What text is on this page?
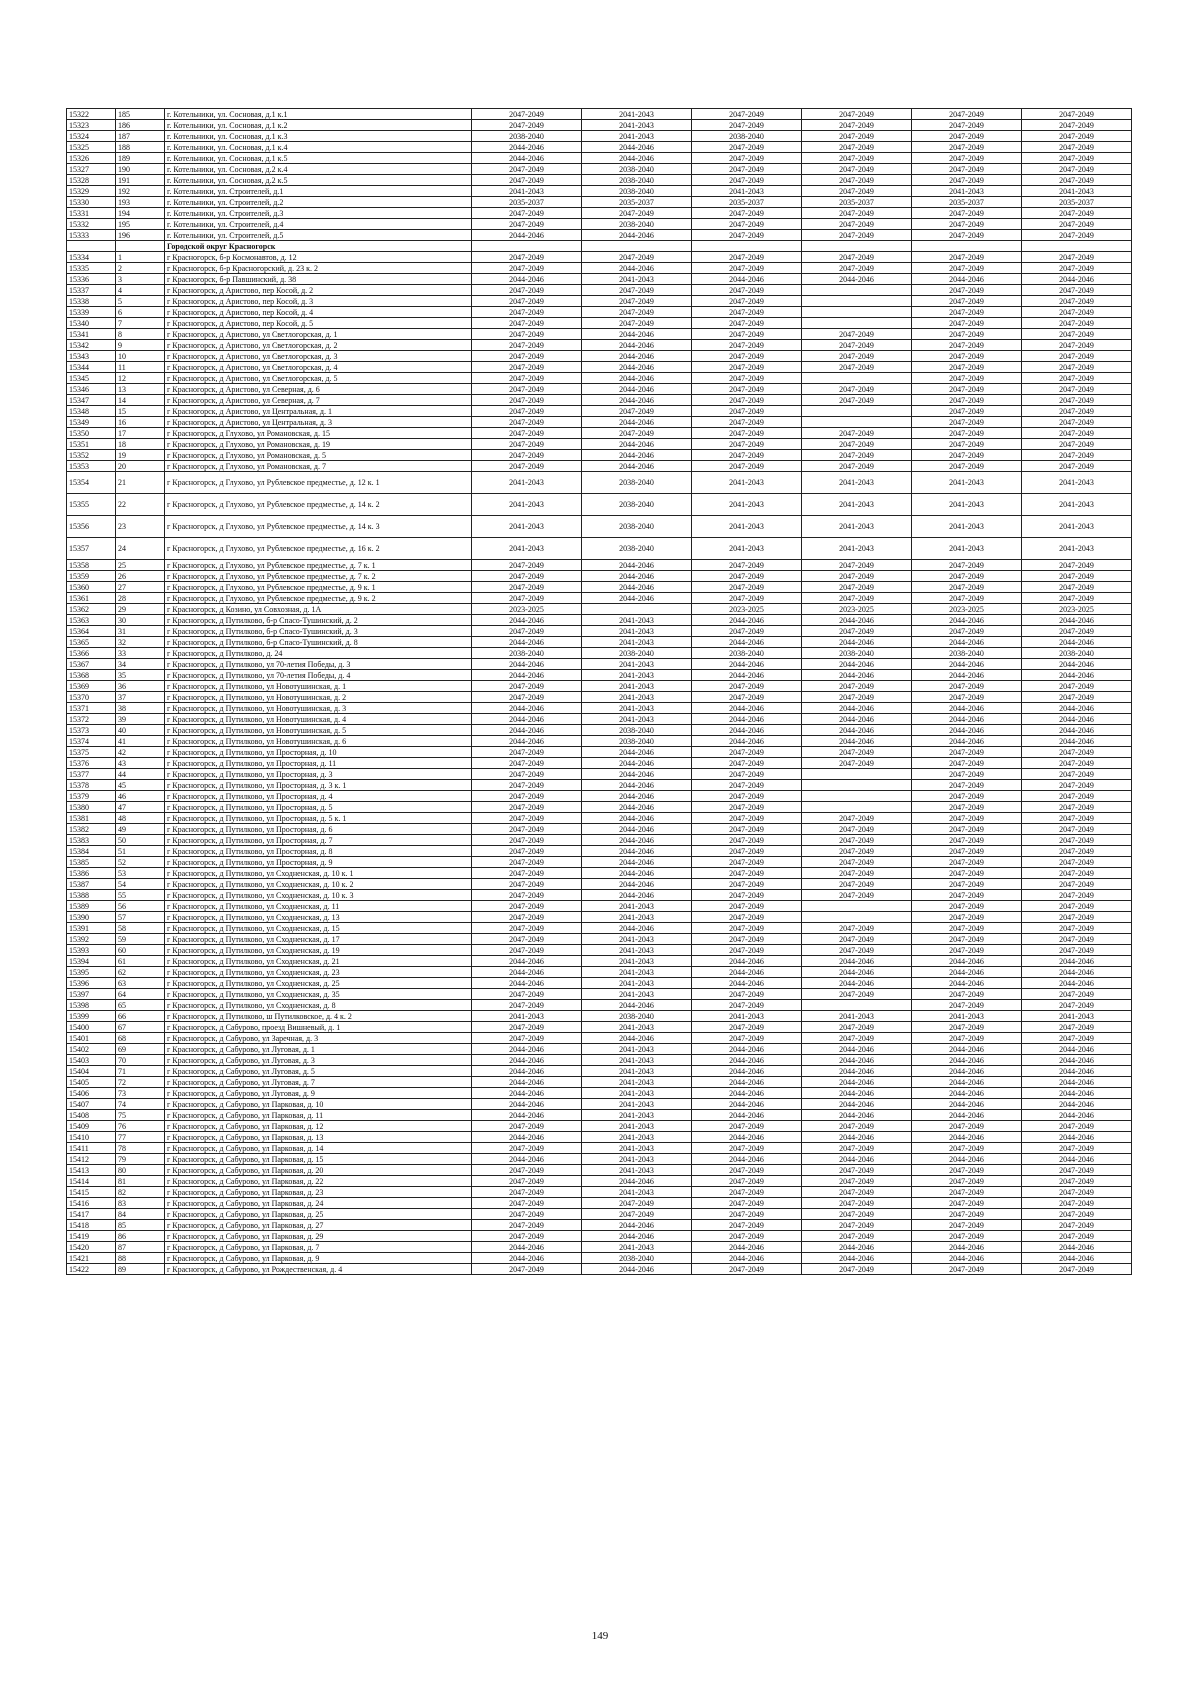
15322	185	г. Котельники, ул. Сосновая, д.1 к.1	2047-2049	2041-2043	2047-2049	2047-2049	2047-2049	2047-2049
15323	186	г. Котельники, ул. Сосновая, д.1 к.2	2047-2049	2041-2043	2047-2049	2047-2049	2047-2049	2047-2049
15324	187	г. Котельники, ул. Сосновая, д.1 к.3	2038-2040	2041-2043	2038-2040	2047-2049	2047-2049	2047-2049
15325	188	г. Котельники, ул. Сосновая, д.1 к.4	2044-2046	2044-2046	2047-2049	2047-2049	2047-2049	2047-2049
15326	189	г. Котельники, ул. Сосновая, д.1 к.5	2044-2046	2044-2046	2047-2049	2047-2049	2047-2049	2047-2049
15327	190	г. Котельники, ул. Сосновая, д.2 к.4	2047-2049	2038-2040	2047-2049	2047-2049	2047-2049	2047-2049
15328	191	г. Котельники, ул. Сосновая, д.2 к.5	2047-2049	2038-2040	2047-2049	2047-2049	2047-2049	2047-2049
15329	192	г. Котельники, ул. Строителей, д.1	2041-2043	2038-2040	2041-2043	2047-2049	2041-2043	2041-2043
15330	193	г. Котельники, ул. Строителей, д.2	2035-2037	2035-2037	2035-2037	2035-2037	2035-2037	2035-2037
15331	194	г. Котельники, ул. Строителей, д.3	2047-2049	2047-2049	2047-2049	2047-2049	2047-2049	2047-2049
15332	195	г. Котельники, ул. Строителей, д.4	2047-2049	2038-2040	2047-2049	2047-2049	2047-2049	2047-2049
15333	196	г. Котельники, ул. Строителей, д.5	2044-2046	2044-2046	2047-2049	2047-2049	2047-2049	2047-2049
		Городской округ Красногорск						
15334	1	г Красногорск, б-р Космонавтов, д. 12	2047-2049	2047-2049	2047-2049	2047-2049	2047-2049	2047-2049
15335	2	г Красногорск, б-р Красногорский, д. 23 к. 2	2047-2049	2044-2046	2047-2049	2047-2049	2047-2049	2047-2049
15336	3	г Красногорск, б-р Павшинский, д. 38	2044-2046	2041-2043	2044-2046	2044-2046	2044-2046	2044-2046
15337	4	г Красногорск, д Аристово, пер Косой, д. 2	2047-2049	2047-2049	2047-2049		2047-2049	2047-2049
15338	5	г Красногорск, д Аристово, пер Косой, д. 3	2047-2049	2047-2049	2047-2049		2047-2049	2047-2049
15339	6	г Красногорск, д Аристово, пер Косой, д. 4	2047-2049	2047-2049	2047-2049		2047-2049	2047-2049
15340	7	г Красногорск, д Аристово, пер Косой, д. 5	2047-2049	2047-2049	2047-2049		2047-2049	2047-2049
15341	8	г Красногорск, д Аристово, ул Светлогорская, д. 1	2047-2049	2044-2046	2047-2049	2047-2049	2047-2049	2047-2049
15342	9	г Красногорск, д Аристово, ул Светлогорская, д. 2	2047-2049	2044-2046	2047-2049	2047-2049	2047-2049	2047-2049
15343	10	г Красногорск, д Аристово, ул Светлогорская, д. 3	2047-2049	2044-2046	2047-2049	2047-2049	2047-2049	2047-2049
15344	11	г Красногорск, д Аристово, ул Светлогорская, д. 4	2047-2049	2044-2046	2047-2049	2047-2049	2047-2049	2047-2049
15345	12	г Красногорск, д Аристово, ул Светлогорская, д. 5	2047-2049	2044-2046	2047-2049		2047-2049	2047-2049
15346	13	г Красногорск, д Аристово, ул Северная, д. 6	2047-2049	2044-2046	2047-2049	2047-2049	2047-2049	2047-2049
15347	14	г Красногорск, д Аристово, ул Северная, д. 7	2047-2049	2044-2046	2047-2049	2047-2049	2047-2049	2047-2049
15348	15	г Красногорск, д Аристово, ул Центральная, д. 1	2047-2049	2047-2049	2047-2049		2047-2049	2047-2049
15349	16	г Красногорск, д Аристово, ул Центральная, д. 3	2047-2049	2044-2046	2047-2049		2047-2049	2047-2049
15350	17	г Красногорск, д Глухово, ул Романовская, д. 15	2047-2049	2047-2049	2047-2049	2047-2049	2047-2049	2047-2049
15351	18	г Красногорск, д Глухово, ул Романовская, д. 19	2047-2049	2044-2046	2047-2049	2047-2049	2047-2049	2047-2049
15352	19	г Красногорск, д Глухово, ул Романовская, д. 5	2047-2049	2044-2046	2047-2049	2047-2049	2047-2049	2047-2049
15353	20	г Красногорск, д Глухово, ул Романовская, д. 7	2047-2049	2044-2046	2047-2049	2047-2049	2047-2049	2047-2049
15354	21	г Красногорск, д Глухово, ул Рублевское предместье, д. 12 к. 1	2041-2043	2038-2040	2041-2043	2041-2043	2041-2043	2041-2043
15355	22	г Красногорск, д Глухово, ул Рублевское предместье, д. 14 к. 2	2041-2043	2038-2040	2041-2043	2041-2043	2041-2043	2041-2043
15356	23	г Красногорск, д Глухово, ул Рублевское предместье, д. 14 к. 3	2041-2043	2038-2040	2041-2043	2041-2043	2041-2043	2041-2043
15357	24	г Красногорск, д Глухово, ул Рублевское предместье, д. 16 к. 2	2041-2043	2038-2040	2041-2043	2041-2043	2041-2043	2041-2043
15358	25	г Красногорск, д Глухово, ул Рублевское предместье, д. 7 к. 1	2047-2049	2044-2046	2047-2049	2047-2049	2047-2049	2047-2049
15359	26	г Красногорск, д Глухово, ул Рублевское предместье, д. 7 к. 2	2047-2049	2044-2046	2047-2049	2047-2049	2047-2049	2047-2049
15360	27	г Красногорск, д Глухово, ул Рублевское предместье, д. 9 к. 1	2047-2049	2044-2046	2047-2049	2047-2049	2047-2049	2047-2049
15361	28	г Красногорск, д Глухово, ул Рублевское предместье, д. 9 к. 2	2047-2049	2044-2046	2047-2049	2047-2049	2047-2049	2047-2049
15362	29	г Красногорск, д Козино, ул Совхозная, д. 1А	2023-2025		2023-2025	2023-2025	2023-2025	2023-2025
15363	30	г Красногорск, д Путилково, б-р Спасо-Тушинский, д. 2	2044-2046	2041-2043	2044-2046	2044-2046	2044-2046	2044-2046
15364	31	г Красногорск, д Путилково, б-р Спасо-Тушинский, д. 3	2047-2049	2041-2043	2047-2049	2047-2049	2047-2049	2047-2049
15365	32	г Красногорск, д Путилково, б-р Спасо-Тушинский, д. 8	2044-2046	2041-2043	2044-2046	2044-2046	2044-2046	2044-2046
15366	33	г Красногорск, д Путилково, д. 24	2038-2040	2038-2040	2038-2040	2038-2040	2038-2040	2038-2040
15367	34	г Красногорск, д Путилково, ул 70-летия Победы, д. 3	2044-2046	2041-2043	2044-2046	2044-2046	2044-2046	2044-2046
15368	35	г Красногорск, д Путилково, ул 70-летия Победы, д. 4	2044-2046	2041-2043	2044-2046	2044-2046	2044-2046	2044-2046
15369	36	г Красногорск, д Путилково, ул Новотушинская, д. 1	2047-2049	2041-2043	2047-2049	2047-2049	2047-2049	2047-2049
15370	37	г Красногорск, д Путилково, ул Новотушинская, д. 2	2047-2049	2041-2043	2047-2049	2047-2049	2047-2049	2047-2049
15371	38	г Красногорск, д Путилково, ул Новотушинская, д. 3	2044-2046	2041-2043	2044-2046	2044-2046	2044-2046	2044-2046
15372	39	г Красногорск, д Путилково, ул Новотушинская, д. 4	2044-2046	2041-2043	2044-2046	2044-2046	2044-2046	2044-2046
15373	40	г Красногорск, д Путилково, ул Новотушинская, д. 5	2044-2046	2038-2040	2044-2046	2044-2046	2044-2046	2044-2046
15374	41	г Красногорск, д Путилково, ул Новотушинская, д. 6	2044-2046	2038-2040	2044-2046	2044-2046	2044-2046	2044-2046
15375	42	г Красногорск, д Путилково, ул Просторная, д. 10	2047-2049	2044-2046	2047-2049	2047-2049	2047-2049	2047-2049
15376	43	г Красногорск, д Путилково, ул Просторная, д. 11	2047-2049	2044-2046	2047-2049	2047-2049	2047-2049	2047-2049
15377	44	г Красногорск, д Путилково, ул Просторная, д. 3	2047-2049	2044-2046	2047-2049		2047-2049	2047-2049
15378	45	г Красногорск, д Путилково, ул Просторная, д. 3 к. 1	2047-2049	2044-2046	2047-2049		2047-2049	2047-2049
15379	46	г Красногорск, д Путилково, ул Просторная, д. 4	2047-2049	2044-2046	2047-2049		2047-2049	2047-2049
15380	47	г Красногорск, д Путилково, ул Просторная, д. 5	2047-2049	2044-2046	2047-2049		2047-2049	2047-2049
15381	48	г Красногорск, д Путилково, ул Просторная, д. 5 к. 1	2047-2049	2044-2046	2047-2049	2047-2049	2047-2049	2047-2049
15382	49	г Красногорск, д Путилково, ул Просторная, д. 6	2047-2049	2044-2046	2047-2049	2047-2049	2047-2049	2047-2049
15383	50	г Красногорск, д Путилково, ул Просторная, д. 7	2047-2049	2044-2046	2047-2049	2047-2049	2047-2049	2047-2049
15384	51	г Красногорск, д Путилково, ул Просторная, д. 8	2047-2049	2044-2046	2047-2049	2047-2049	2047-2049	2047-2049
15385	52	г Красногорск, д Путилково, ул Просторная, д. 9	2047-2049	2044-2046	2047-2049	2047-2049	2047-2049	2047-2049
15386	53	г Красногорск, д Путилково, ул Сходненская, д. 10 к. 1	2047-2049	2044-2046	2047-2049	2047-2049	2047-2049	2047-2049
15387	54	г Красногорск, д Путилково, ул Сходненская, д. 10 к. 2	2047-2049	2044-2046	2047-2049	2047-2049	2047-2049	2047-2049
15388	55	г Красногорск, д Путилково, ул Сходненская, д. 10 к. 3	2047-2049	2044-2046	2047-2049	2047-2049	2047-2049	2047-2049
15389	56	г Красногорск, д Путилково, ул Сходненская, д. 11	2047-2049	2041-2043	2047-2049		2047-2049	2047-2049
15390	57	г Красногорск, д Путилково, ул Сходненская, д. 13	2047-2049	2041-2043	2047-2049		2047-2049	2047-2049
15391	58	г Красногорск, д Путилково, ул Сходненская, д. 15	2047-2049	2044-2046	2047-2049	2047-2049	2047-2049	2047-2049
15392	59	г Красногорск, д Путилково, ул Сходненская, д. 17	2047-2049	2041-2043	2047-2049	2047-2049	2047-2049	2047-2049
15393	60	г Красногорск, д Путилково, ул Сходненская, д. 19	2047-2049	2041-2043	2047-2049	2047-2049	2047-2049	2047-2049
15394	61	г Красногорск, д Путилково, ул Сходненская, д. 21	2044-2046	2041-2043	2044-2046	2044-2046	2044-2046	2044-2046
15395	62	г Красногорск, д Путилково, ул Сходненская, д. 23	2044-2046	2041-2043	2044-2046	2044-2046	2044-2046	2044-2046
15396	63	г Красногорск, д Путилково, ул Сходненская, д. 25	2044-2046	2041-2043	2044-2046	2044-2046	2044-2046	2044-2046
15397	64	г Красногорск, д Путилково, ул Сходненская, д. 35	2047-2049	2041-2043	2047-2049	2047-2049	2047-2049	2047-2049
15398	65	г Красногорск, д Путилково, ул Сходненская, д. 8	2047-2049	2044-2046	2047-2049		2047-2049	2047-2049
15399	66	г Красногорск, д Путилково, ш Путилковское, д. 4 к. 2	2041-2043	2038-2040	2041-2043	2041-2043	2041-2043	2041-2043
15400	67	г Красногорск, д Сабурово, проезд Вишневый, д. 1	2047-2049	2041-2043	2047-2049	2047-2049	2047-2049	2047-2049
15401	68	г Красногорск, д Сабурово, ул Заречная, д. 3	2047-2049	2044-2046	2047-2049	2047-2049	2047-2049	2047-2049
15402	69	г Красногорск, д Сабурово, ул Луговая, д. 1	2044-2046	2041-2043	2044-2046	2044-2046	2044-2046	2044-2046
15403	70	г Красногорск, д Сабурово, ул Луговая, д. 3	2044-2046	2041-2043	2044-2046	2044-2046	2044-2046	2044-2046
15404	71	г Красногорск, д Сабурово, ул Луговая, д. 5	2044-2046	2041-2043	2044-2046	2044-2046	2044-2046	2044-2046
15405	72	г Красногорск, д Сабурово, ул Луговая, д. 7	2044-2046	2041-2043	2044-2046	2044-2046	2044-2046	2044-2046
15406	73	г Красногорск, д Сабурово, ул Луговая, д. 9	2044-2046	2041-2043	2044-2046	2044-2046	2044-2046	2044-2046
15407	74	г Красногорск, д Сабурово, ул Парковая, д. 10	2044-2046	2041-2043	2044-2046	2044-2046	2044-2046	2044-2046
15408	75	г Красногорск, д Сабурово, ул Парковая, д. 11	2044-2046	2041-2043	2044-2046	2044-2046	2044-2046	2044-2046
15409	76	г Красногорск, д Сабурово, ул Парковая, д. 12	2047-2049	2041-2043	2047-2049	2047-2049	2047-2049	2047-2049
15410	77	г Красногорск, д Сабурово, ул Парковая, д. 13	2044-2046	2041-2043	2044-2046	2044-2046	2044-2046	2044-2046
15411	78	г Красногорск, д Сабурово, ул Парковая, д. 14	2047-2049	2041-2043	2047-2049	2047-2049	2047-2049	2047-2049
15412	79	г Красногорск, д Сабурово, ул Парковая, д. 15	2044-2046	2041-2043	2044-2046	2044-2046	2044-2046	2044-2046
15413	80	г Красногорск, д Сабурово, ул Парковая, д. 20	2047-2049	2041-2043	2047-2049	2047-2049	2047-2049	2047-2049
15414	81	г Красногорск, д Сабурово, ул Парковая, д. 22	2047-2049	2044-2046	2047-2049	2047-2049	2047-2049	2047-2049
15415	82	г Красногорск, д Сабурово, ул Парковая, д. 23	2047-2049	2041-2043	2047-2049	2047-2049	2047-2049	2047-2049
15416	83	г Красногорск, д Сабурово, ул Парковая, д. 24	2047-2049	2047-2049	2047-2049	2047-2049	2047-2049	2047-2049
15417	84	г Красногорск, д Сабурово, ул Парковая, д. 25	2047-2049	2047-2049	2047-2049	2047-2049	2047-2049	2047-2049
15418	85	г Красногорск, д Сабурово, ул Парковая, д. 27	2047-2049	2044-2046	2047-2049	2047-2049	2047-2049	2047-2049
15419	86	г Красногорск, д Сабурово, ул Парковая, д. 29	2047-2049	2044-2046	2047-2049	2047-2049	2047-2049	2047-2049
15420	87	г Красногорск, д Сабурово, ул Парковая, д. 7	2044-2046	2041-2043	2044-2046	2044-2046	2044-2046	2044-2046
15421	88	г Красногорск, д Сабурово, ул Парковая, д. 9	2044-2046	2038-2040	2044-2046	2044-2046	2044-2046	2044-2046
15422	89	г Красногорск, д Сабурово, ул Рождественская, д. 4	2047-2049	2044-2046	2047-2049	2047-2049	2047-2049	2047-2049
149
